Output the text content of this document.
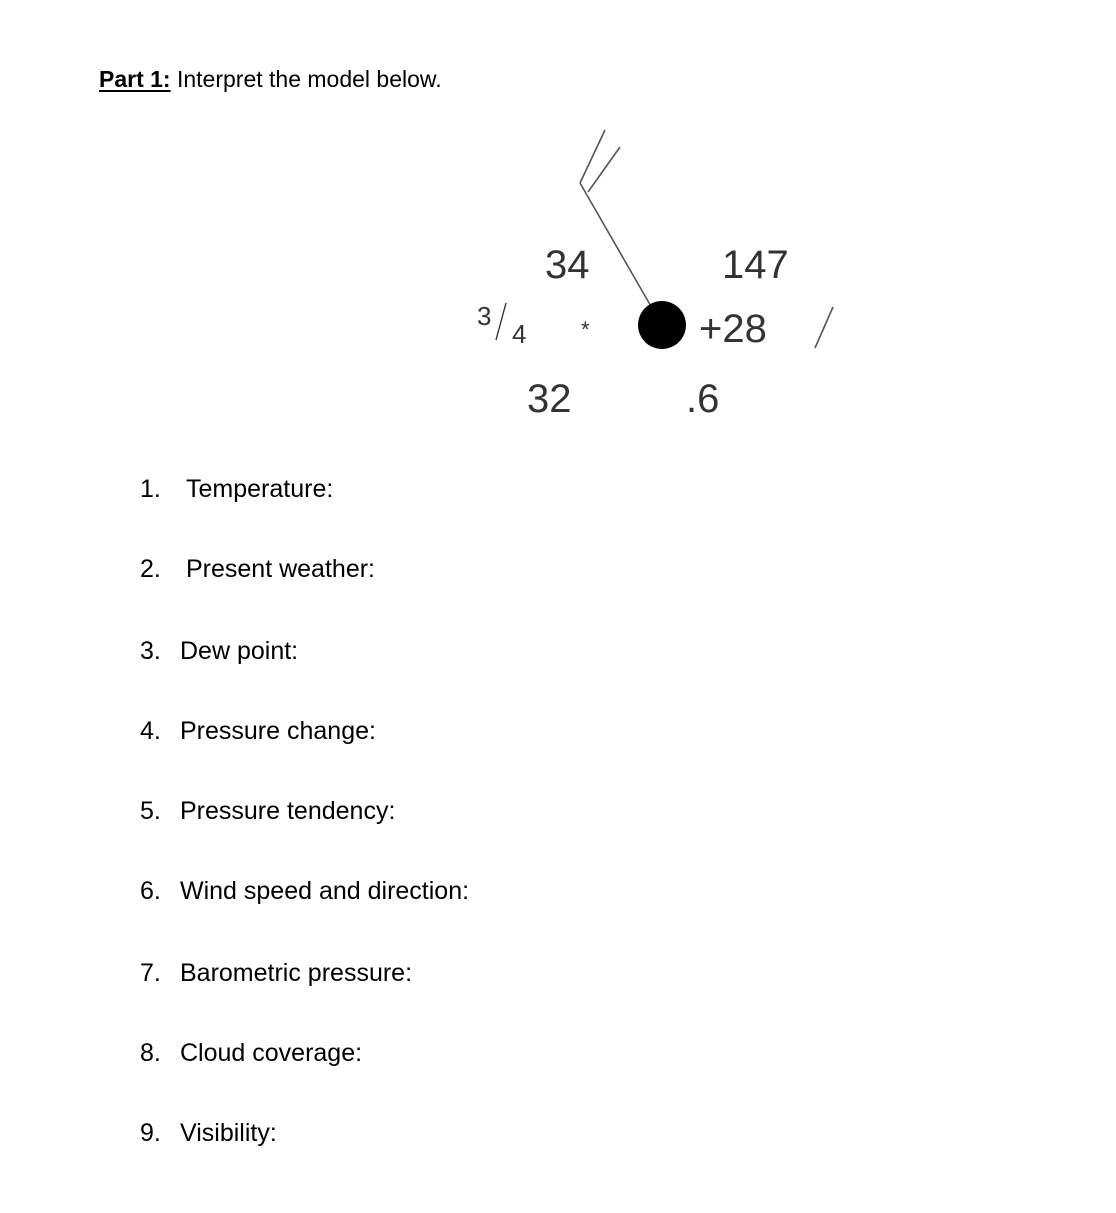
Part 1: Interpret the model below.
34
32
3
4 *
147
+28
.6
1. Temperature:
2. Present weather:
3. Dew point:
4. Pressure change:
5. Pressure tendency:
6. Wind speed and direction:
7. Barometric pressure:
8. Cloud coverage:
9. Visibility:
